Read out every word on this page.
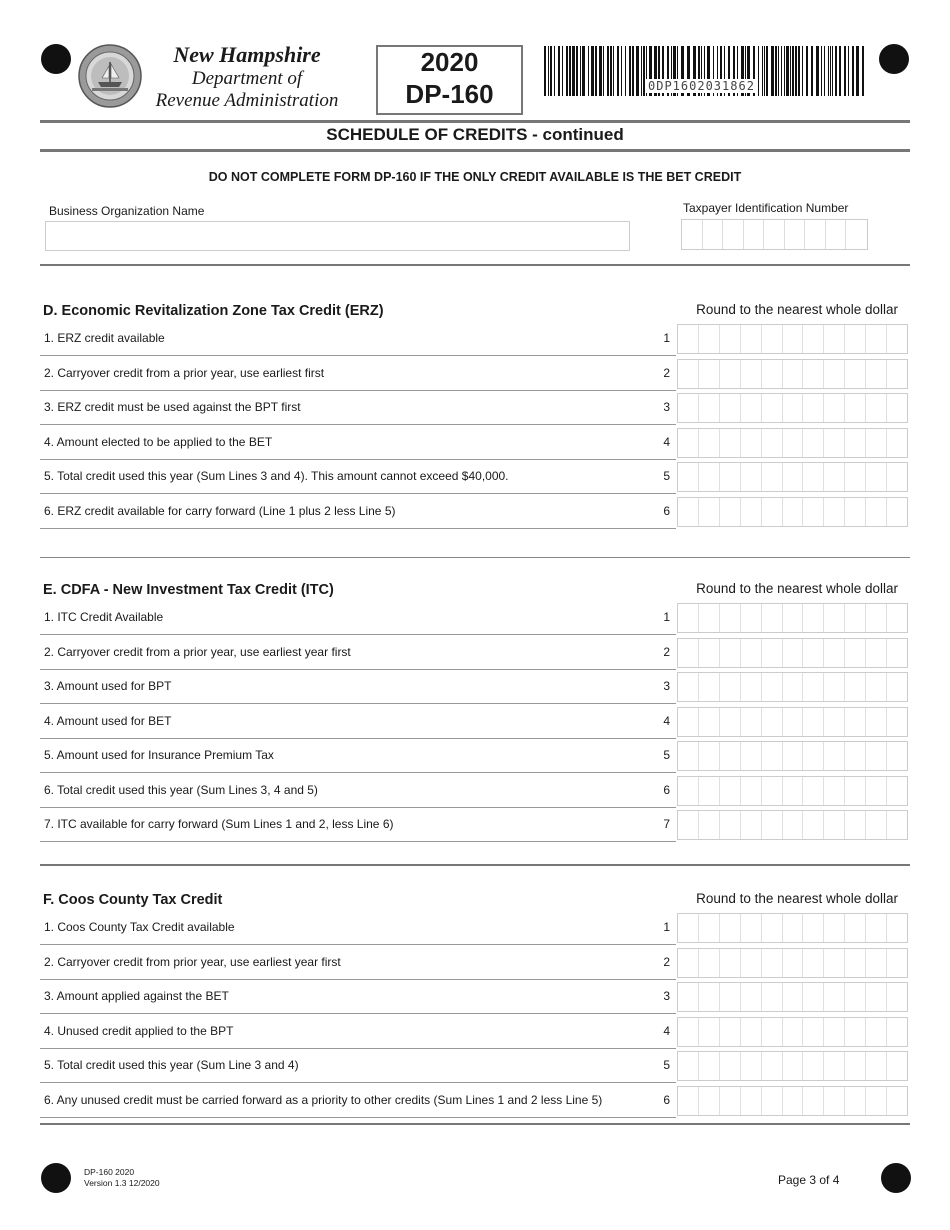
New Hampshire
Department of
Revenue Administration
2020
DP-160	0DP1602031862
SCHEDULE OF CREDITS - continued
DO NOT COMPLETE FORM DP-160 IF THE ONLY CREDIT AVAILABLE IS THE BET CREDIT
Business Organization Name	Taxpayer Identification Number
D. Economic Revitalization Zone Tax Credit (ERZ)	Round to the nearest whole dollar
1. ERZ credit available	1
2. Carryover credit from a prior year, use earliest first	2
3. ERZ credit must be used against the BPT first	3
4. Amount elected to be applied to the BET	4
5. Total credit used this year (Sum Lines 3 and 4). This amount cannot exceed $40,000.	5
6. ERZ credit available for carry forward (Line 1 plus 2 less Line 5)	6
E. CDFA - New Investment Tax Credit (ITC)	Round to the nearest whole dollar
1. ITC Credit Available	1
2. Carryover credit from a prior year, use earliest year first	2
3. Amount used for BPT	3
4. Amount used for BET	4
5. Amount used for Insurance Premium Tax	5
6. Total credit used this year (Sum Lines 3, 4 and 5)	6
7. ITC available for carry forward (Sum Lines 1 and 2, less Line 6)	7
F. Coos County Tax Credit	Round to the nearest whole dollar
1. Coos County Tax Credit available	1
2. Carryover credit from prior year, use earliest year first	2
3. Amount applied against the BET	3
4. Unused credit applied to the BPT	4
5. Total credit used this year (Sum Line 3 and 4)	5
6. Any unused credit must be carried forward as a priority to other credits (Sum Lines 1 and 2 less Line 5)	6
DP-160 2020
Version 1.3 12/2020	Page 3 of 4
